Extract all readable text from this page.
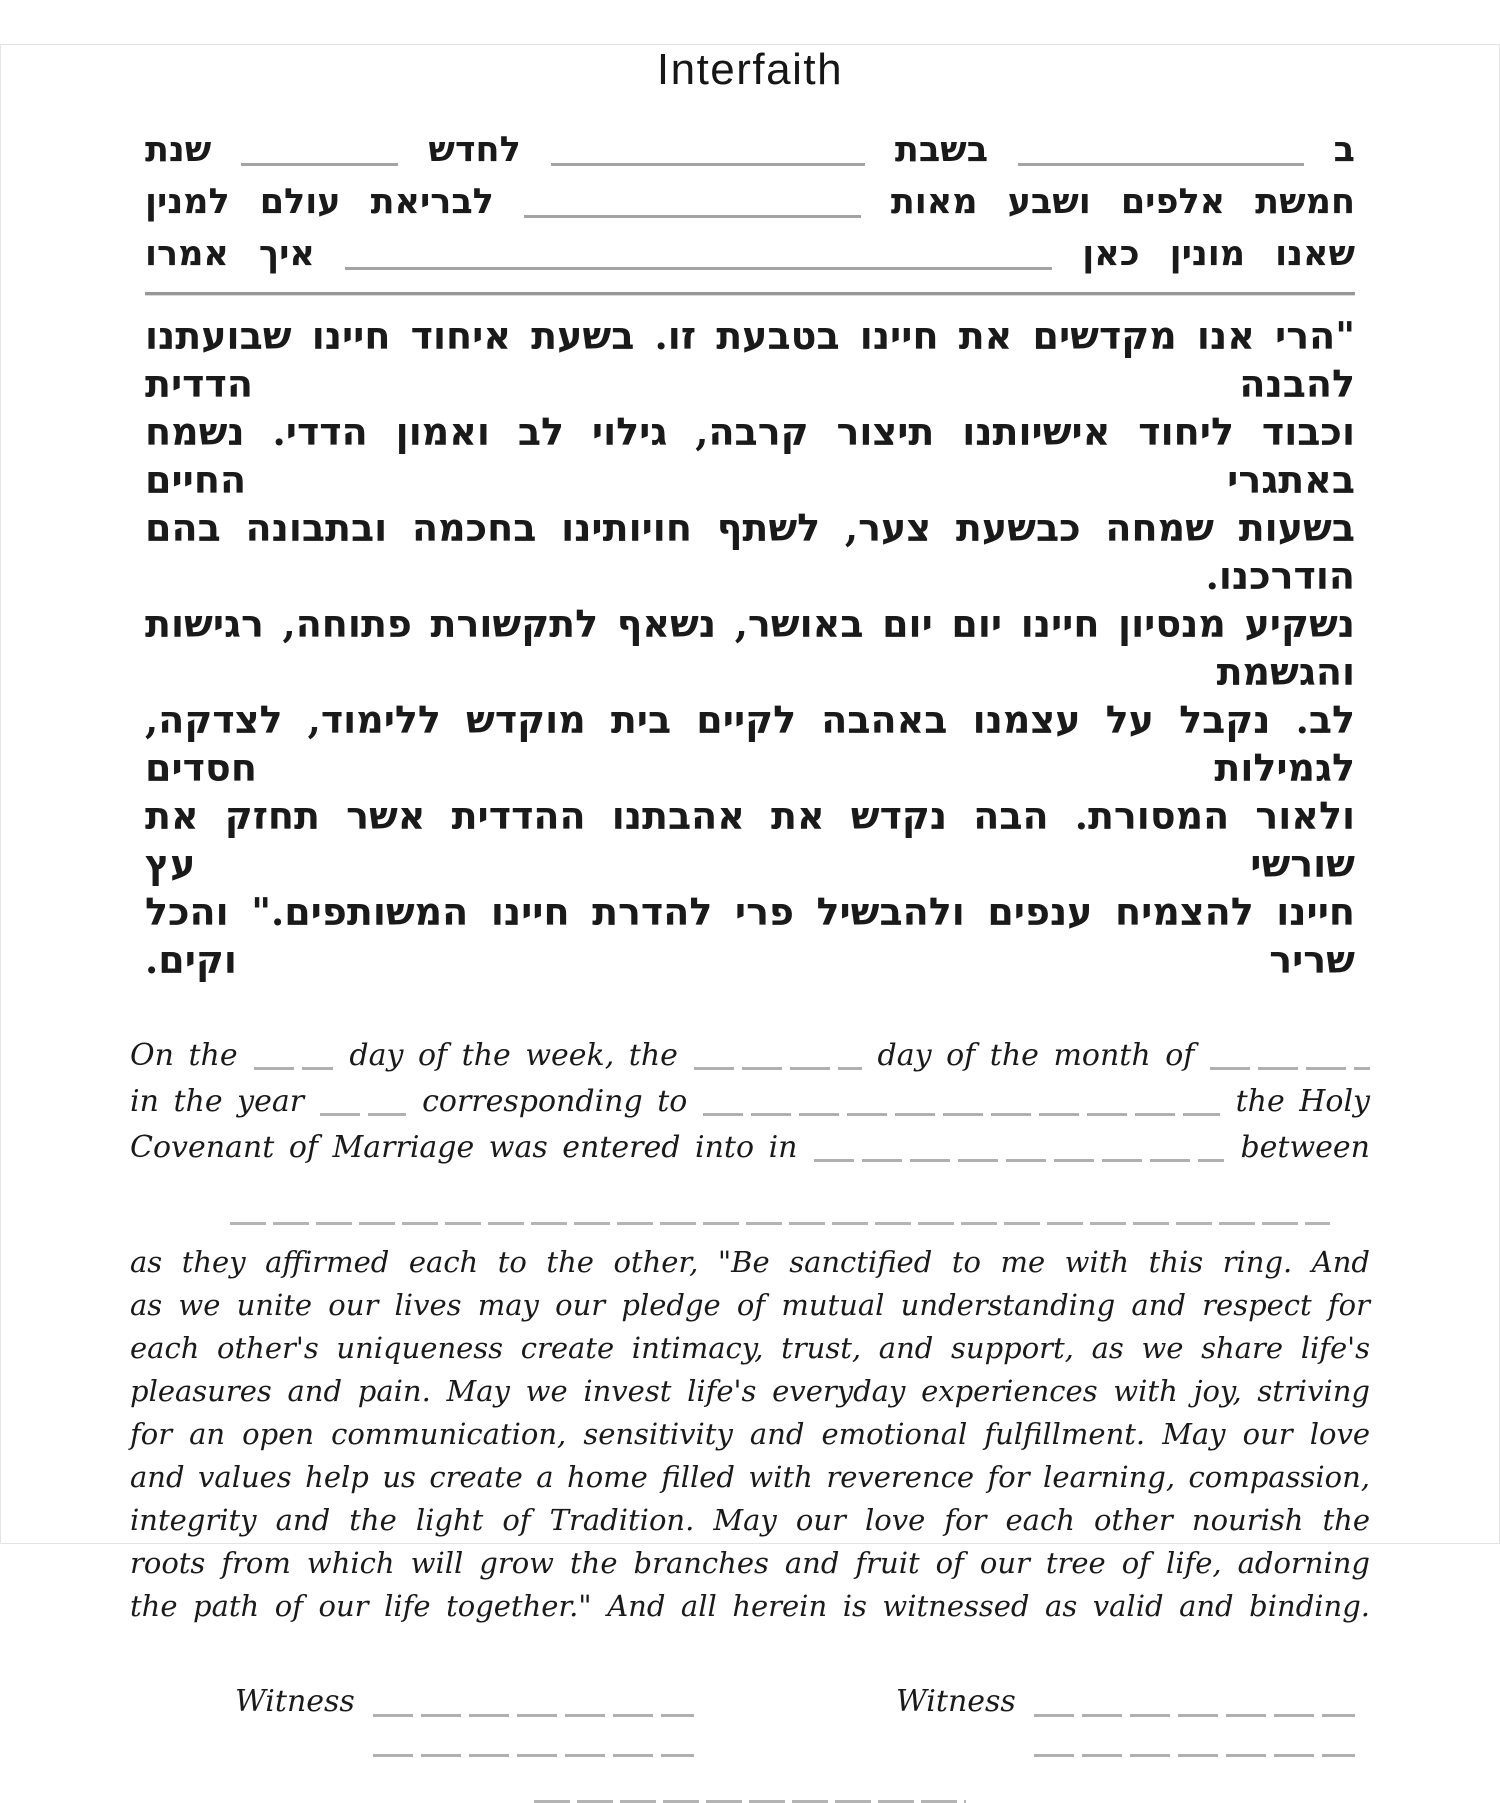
Interfaith
ב
בשבת
לחדש
שנת
חמשת
אלפים
ושבע
מאות
לבריאת
עולם
למנין
שאנו
מונין
כאן
איך
אמרו
"הרי אנו מקדשים את חיינו בטבעת זו. בשעת איחוד חיינו שבועתנו להבנה הדדית
וכבוד ליחוד אישיותנו תיצור קרבה, גילוי לב ואמון הדדי. נשמח באתגרי החיים
בשעות שמחה כבשעת צער, לשתף חויותינו בחכמה ובתבונה בהם הודרכנו.
נשקיע מנסיון חיינו יום יום באושר, נשאף לתקשורת פתוחה, רגישות והגשמת
לב. נקבל על עצמנו באהבה לקיים בית מוקדש ללימוד, לצדקה, לגמילות חסדים
ולאור המסורת. הבה נקדש את אהבתנו ההדדית אשר תחזק את שורשי עץ
חיינו להצמיח ענפים ולהבשיל פרי להדרת חיינו המשותפים." והכל שריר וקים.
On the	day of the week, the	day of the month of
in the year	corresponding to	the Holy
Covenant of Marriage was entered into in	between
as they affirmed each to the other, "Be sanctified to me with this ring. And
as we unite our lives may our pledge of mutual understanding and respect for
each other's uniqueness create intimacy, trust, and support, as we share life's
pleasures and pain. May we invest life's everyday experiences with joy, striving
for an open communication, sensitivity and emotional fulfillment. May our love
and values help us create a home filled with reverence for learning, compassion,
integrity and the light of Tradition. May our love for each other nourish the
roots from which will grow the branches and fruit of our tree of life, adorning
the path of our life together." And all herein is witnessed as valid and binding.
Witness	Witness
